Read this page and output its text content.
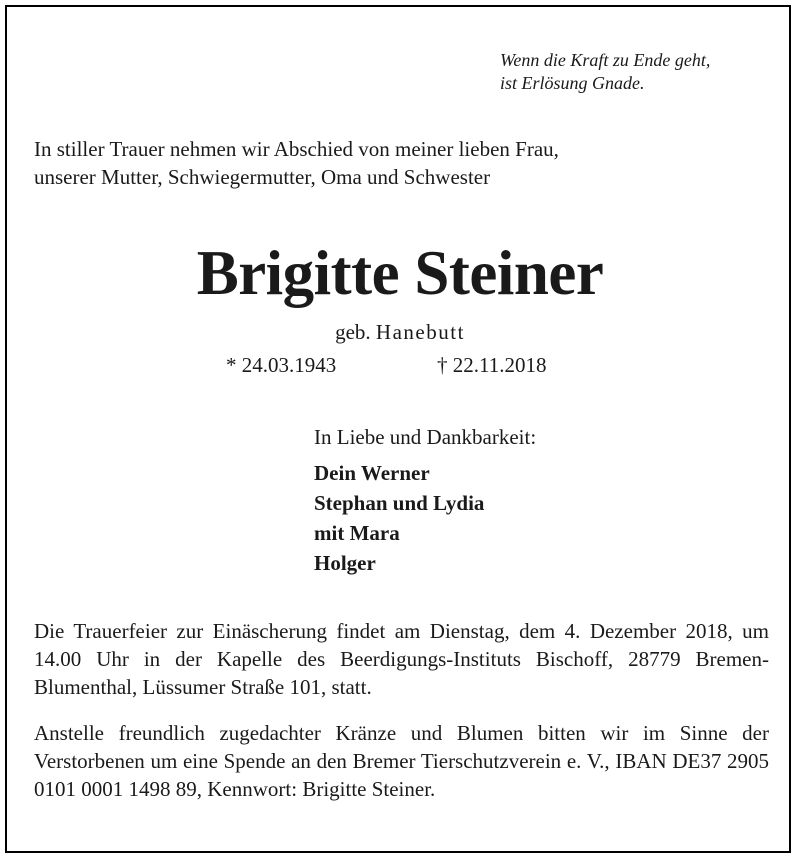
Wenn die Kraft zu Ende geht,
ist Erlösung Gnade.
In stiller Trauer nehmen wir Abschied von meiner lieben Frau,
unserer Mutter, Schwiegermutter, Oma und Schwester
Brigitte Steiner
geb. Hanebutt
* 24.03.1943	† 22.11.2018
In Liebe und Dankbarkeit:
Dein Werner
Stephan und Lydia
mit Mara
Holger

Die Trauerfeier zur Einäscherung findet am Dienstag, dem 4. Dezember 2018, um 14.00 Uhr in der Kapelle des Beerdigungs-Instituts Bischoff, 28779 Bremen-Blumenthal, Lüssumer Straße 101, statt.

Anstelle freundlich zugedachter Kränze und Blumen bitten wir im Sinne der Verstorbenen um eine Spende an den Bremer Tierschutzverein e. V., IBAN DE37 2905 0101 0001 1498 89, Kennwort: Brigitte Steiner.
